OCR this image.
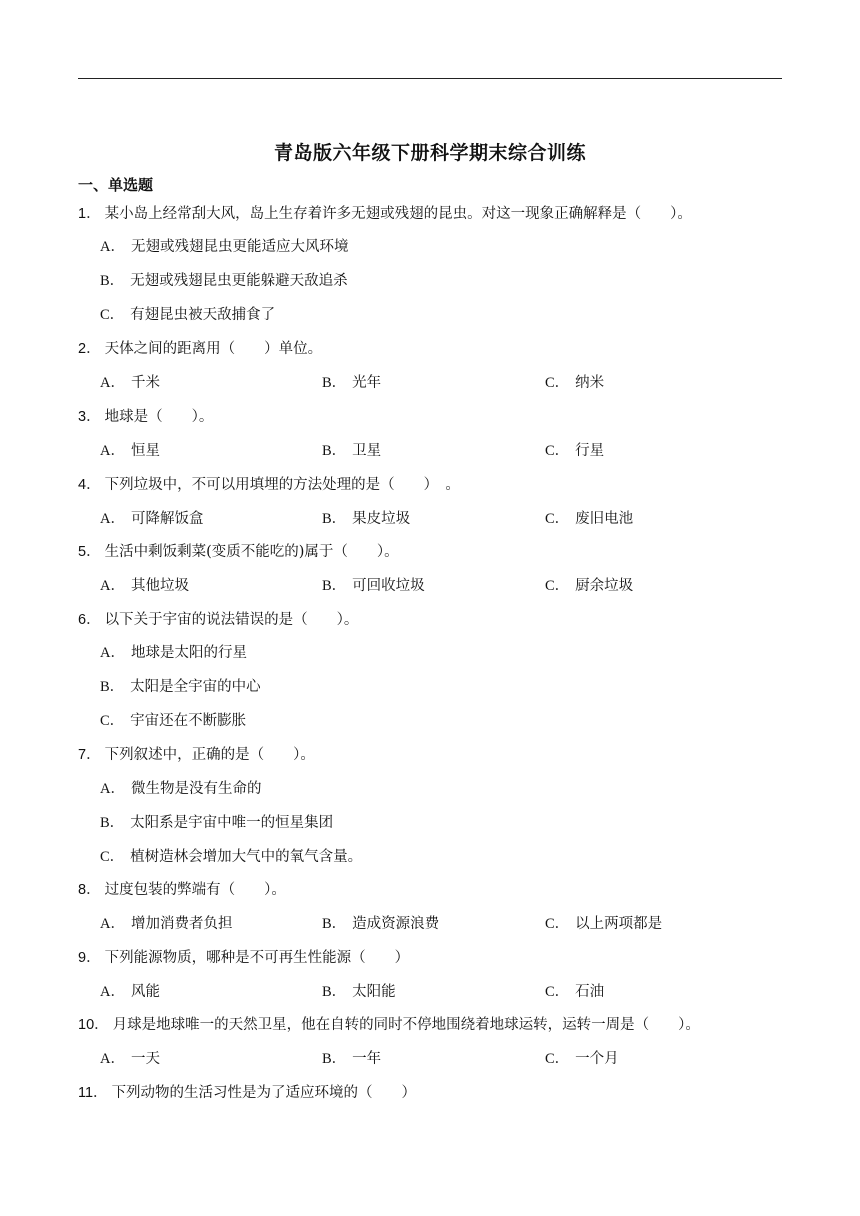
青岛版六年级下册科学期末综合训练
一、单选题
1． 某小岛上经常刮大风，岛上生存着许多无翅或残翅的昆虫。对这一现象正确解释是（　　）。
A． 无翅或残翅昆虫更能适应大风环境
B． 无翅或残翅昆虫更能躲避天敌追杀
C． 有翅昆虫被天敌捕食了
2． 天体之间的距离用（　　）单位。
A． 千米	B． 光年	C． 纳米
3． 地球是（　　）。
A． 恒星	B． 卫星	C． 行星
4． 下列垃圾中，不可以用填埋的方法处理的是（　　）　。
A． 可降解饭盒	B． 果皮垃圾	C． 废旧电池
5． 生活中剩饭剩菜(变质不能吃的)属于（　　）。
A． 其他垃圾	B． 可回收垃圾	C． 厨余垃圾
6． 以下关于宇宙的说法错误的是（　　）。
A． 地球是太阳的行星
B． 太阳是全宇宙的中心
C． 宇宙还在不断膨胀
7． 下列叙述中，正确的是（　　）。
A． 微生物是没有生命的
B． 太阳系是宇宙中唯一的恒星集团
C． 植树造林会增加大气中的氧气含量。
8． 过度包装的弊端有（　　）。
A． 增加消费者负担	B． 造成资源浪费	C． 以上两项都是
9． 下列能源物质，哪种是不可再生性能源（　　）
A． 风能	B． 太阳能	C． 石油
10． 月球是地球唯一的天然卫星，他在自转的同时不停地围绕着地球运转，运转一周是（　　）。
A． 一天	B． 一年	C． 一个月
11． 下列动物的生活习性是为了适应环境的（　　）
